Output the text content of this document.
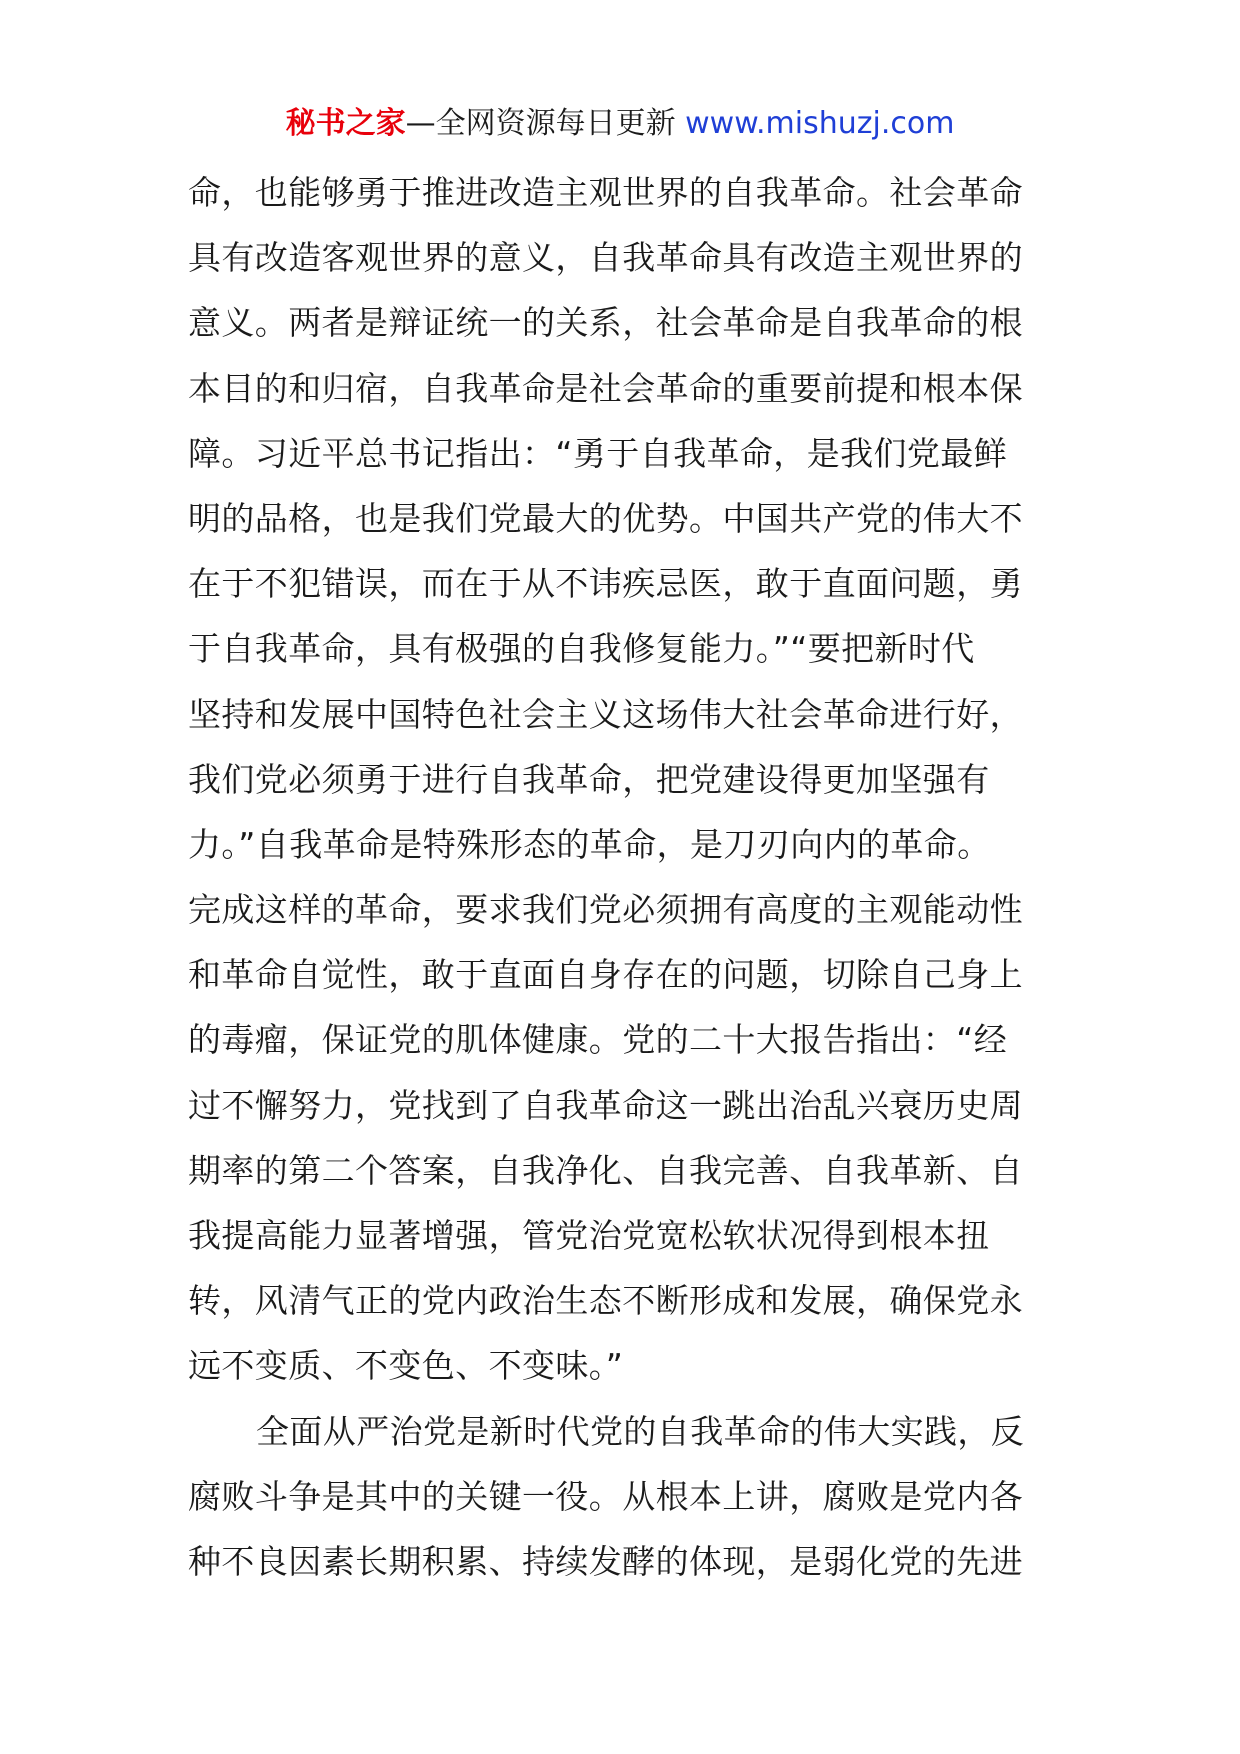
秘书之家—全网资源每日更新 www.mishuzj.com
命，也能够勇于推进改造主观世界的自我革命。社会革命
具有改造客观世界的意义，自我革命具有改造主观世界的
意义。两者是辩证统一的关系，社会革命是自我革命的根
本目的和归宿，自我革命是社会革命的重要前提和根本保
障。习近平总书记指出：“勇于自我革命，是我们党最鲜
明的品格，也是我们党最大的优势。中国共产党的伟大不
在于不犯错误，而在于从不讳疾忌医，敢于直面问题，勇
于自我革命，具有极强的自我修复能力。”“要把新时代
坚持和发展中国特色社会主义这场伟大社会革命进行好，
我们党必须勇于进行自我革命，把党建设得更加坚强有
力。”自我革命是特殊形态的革命，是刀刃向内的革命。
完成这样的革命，要求我们党必须拥有高度的主观能动性
和革命自觉性，敢于直面自身存在的问题，切除自己身上
的毒瘤，保证党的肌体健康。党的二十大报告指出：“经
过不懈努力，党找到了自我革命这一跳出治乱兴衰历史周
期率的第二个答案，自我净化、自我完善、自我革新、自
我提高能力显著增强，管党治党宽松软状况得到根本扭
转，风清气正的党内政治生态不断形成和发展，确保党永
远不变质、不变色、不变味。”
全面从严治党是新时代党的自我革命的伟大实践，反
腐败斗争是其中的关键一役。从根本上讲，腐败是党内各
种不良因素长期积累、持续发酵的体现，是弱化党的先进
